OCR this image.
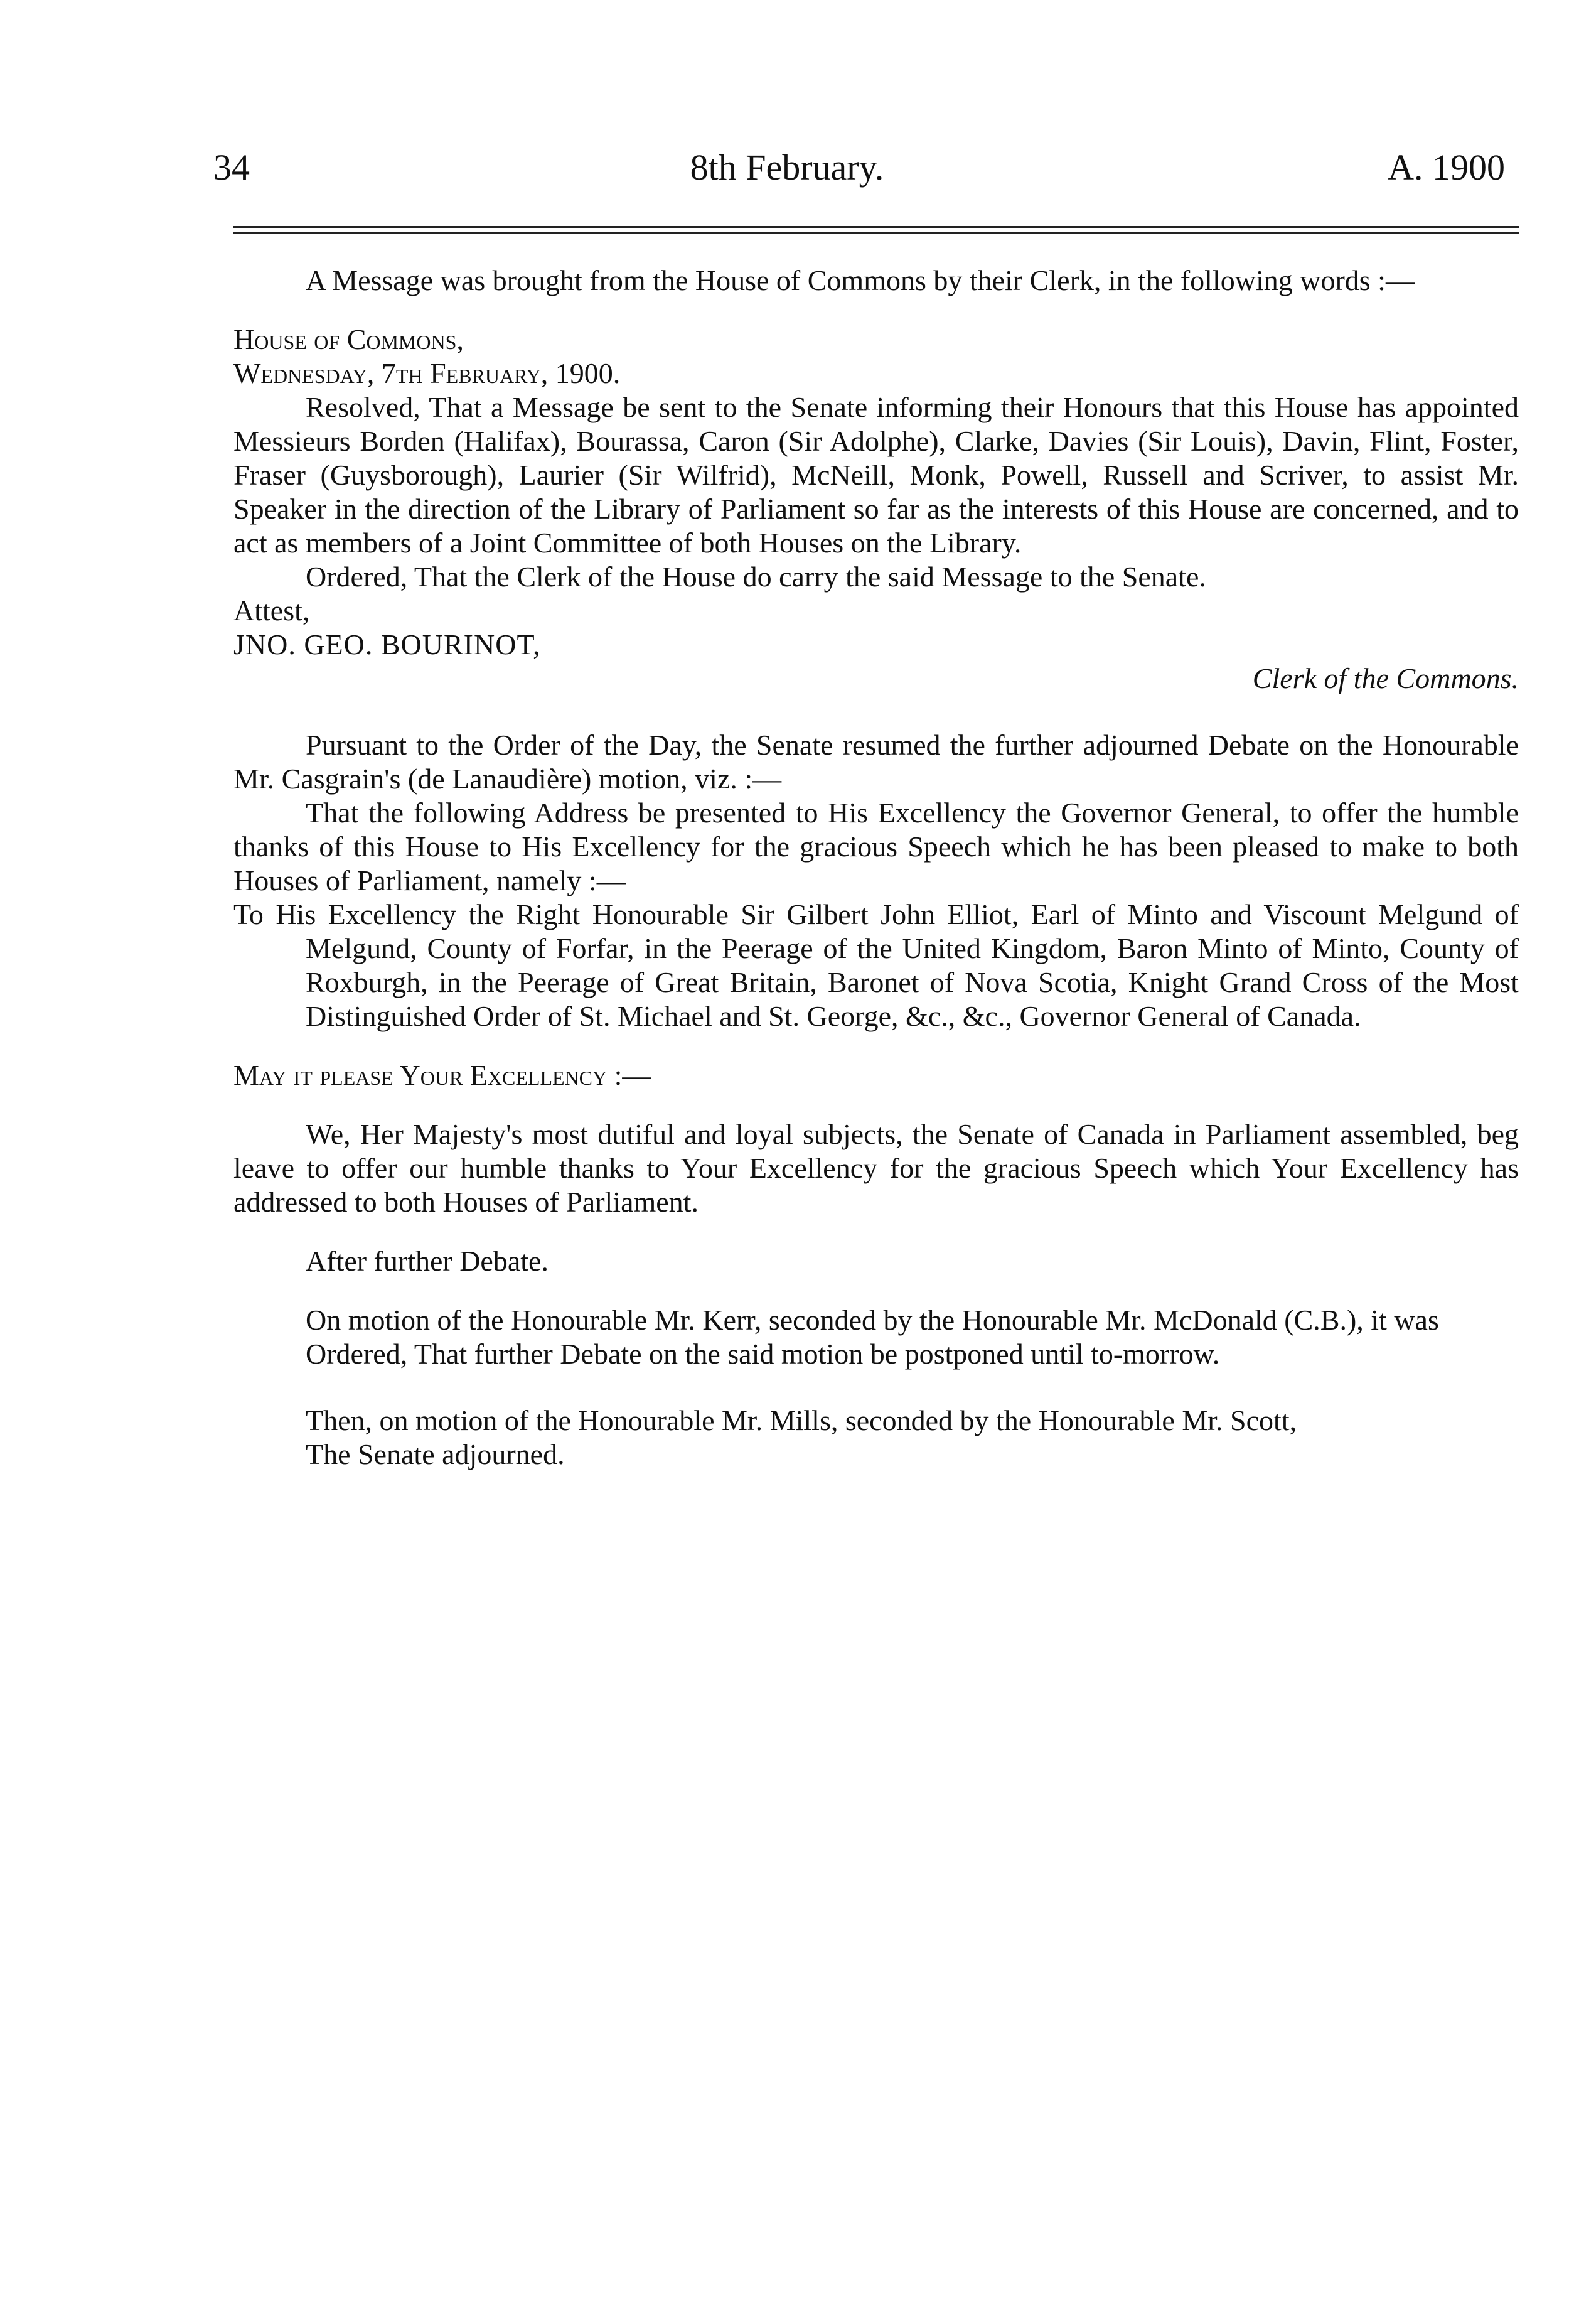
8th February.
34	A. 1900

A Message was brought from the House of Commons by their Clerk, in the following words :—

House of Commons,

Wednesday, 7th February, 1900.

Resolved, That a Message be sent to the Senate informing their Honours that this House has appointed Messieurs Borden (Halifax), Bourassa, Caron (Sir Adolphe), Clarke, Davies (Sir Louis), Davin, Flint, Foster, Fraser (Guysborough), Laurier (Sir Wilfrid), McNeill, Monk, Powell, Russell and Scriver, to assist Mr. Speaker in the direction of the Library of Parliament so far as the interests of this House are concerned, and to act as members of a Joint Committee of both Houses on the Library.

Ordered, That the Clerk of the House do carry the said Message to the Senate.

Attest,

JNO. GEO. BOURINOT,

Clerk of the Commons.

Pursuant to the Order of the Day, the Senate resumed the further adjourned Debate on the Honourable Mr. Casgrain's (de Lanaudière) motion, viz. :—

That the following Address be presented to His Excellency the Governor General, to offer the humble thanks of this House to His Excellency for the gracious Speech which he has been pleased to make to both Houses of Parliament, namely :—

To His Excellency the Right Honourable Sir Gilbert John Elliot, Earl of Minto and Viscount Melgund of Melgund, County of Forfar, in the Peerage of the United Kingdom, Baron Minto of Minto, County of Roxburgh, in the Peerage of Great Britain, Baronet of Nova Scotia, Knight Grand Cross of the Most Distinguished Order of St. Michael and St. George, &c., &c., Governor General of Canada.

May it please Your Excellency :—

We, Her Majesty's most dutiful and loyal subjects, the Senate of Canada in Parliament assembled, beg leave to offer our humble thanks to Your Excellency for the gracious Speech which Your Excellency has addressed to both Houses of Parliament.

After further Debate.

On motion of the Honourable Mr. Kerr, seconded by the Honourable Mr. McDonald (C.B.), it was

Ordered, That further Debate on the said motion be postponed until to-morrow.

Then, on motion of the Honourable Mr. Mills, seconded by the Honourable Mr. Scott,

The Senate adjourned.
